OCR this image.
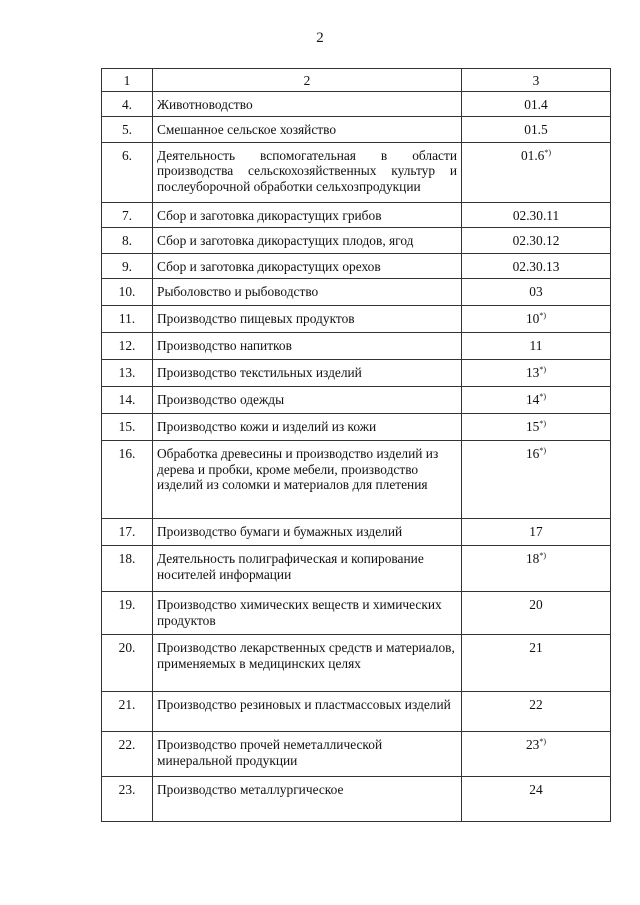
2
1	2	3
4.	Животноводство	01.4
5.	Смешанное сельское хозяйство	01.5
6.	Деятельность вспомогательная в области производства сельскохозяйственных культур и послеуборочной обработки сельхозпродукции	01.6*)
7.	Сбор и заготовка дикорастущих грибов	02.30.11
8.	Сбор и заготовка дикорастущих плодов, ягод	02.30.12
9.	Сбор и заготовка дикорастущих орехов	02.30.13
10.	Рыболовство и рыбоводство	03
11.	Производство пищевых продуктов	10*)
12.	Производство напитков	11
13.	Производство текстильных изделий	13*)
14.	Производство одежды	14*)
15.	Производство кожи и изделий из кожи	15*)
16.	Обработка древесины и производство изделий из дерева и пробки, кроме мебели, производство изделий из соломки и материалов для плетения	16*)
17.	Производство бумаги и бумажных изделий	17
18.	Деятельность полиграфическая и копирование носителей информации	18*)
19.	Производство химических веществ и химических продуктов	20
20.	Производство лекарственных средств и материалов, применяемых в медицинских целях	21
21.	Производство резиновых и пластмассовых изделий	22
22.	Производство прочей неметаллической минеральной продукции	23*)
23.	Производство металлургическое	24
